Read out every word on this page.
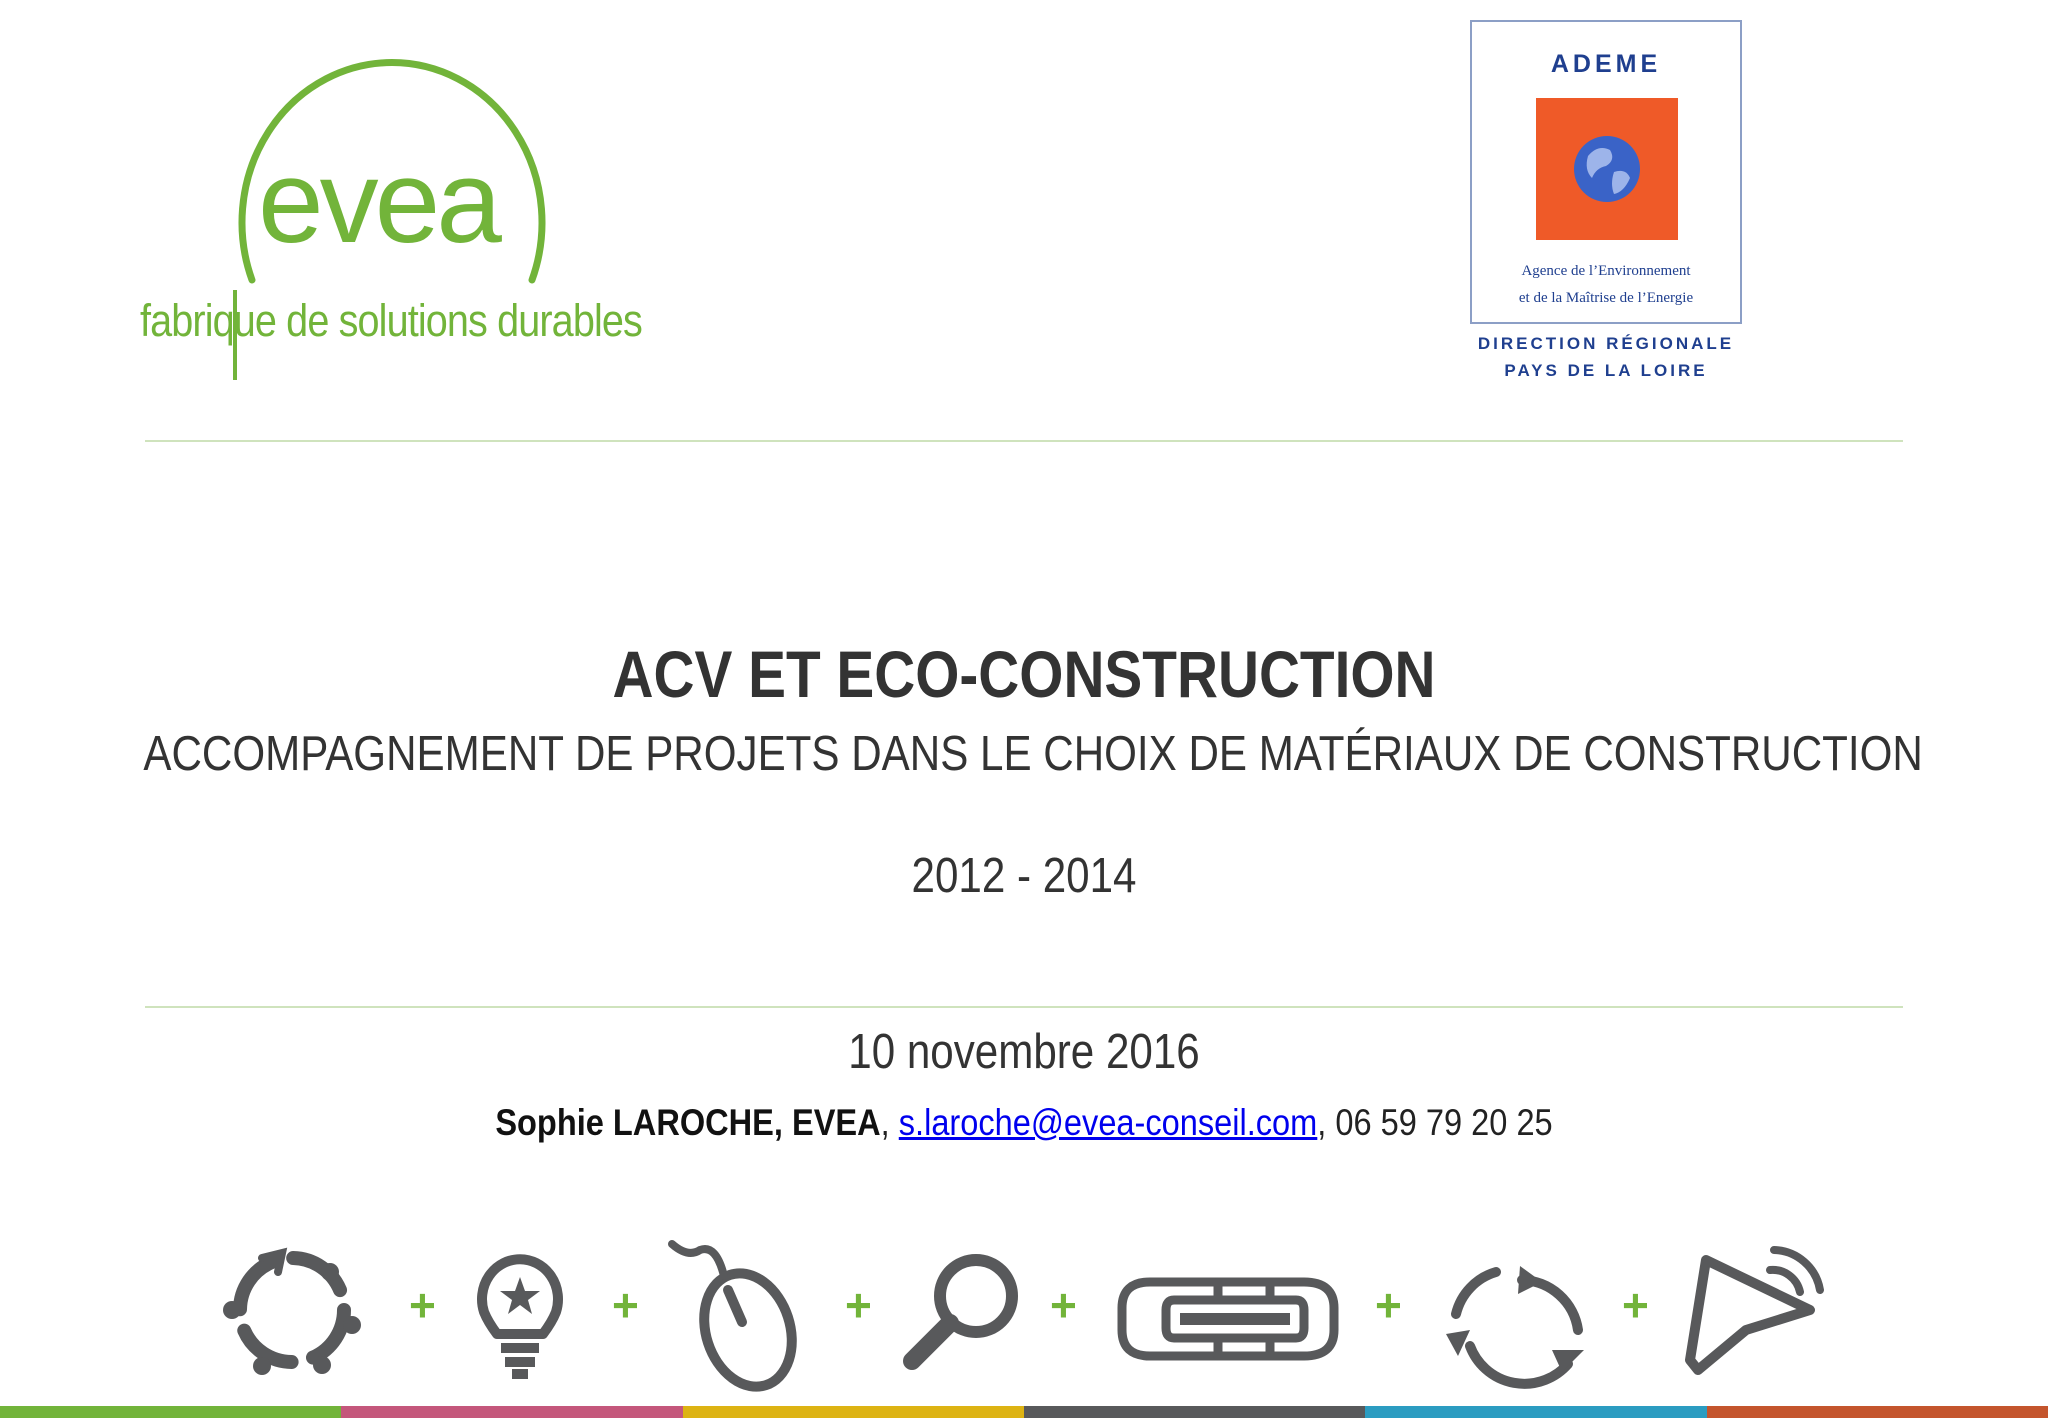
evea
fabrique de solutions durables
ADEME
Agence de l’Environnement
et de la Maîtrise de l’Energie
DIRECTION RÉGIONALE
PAYS DE LA LOIRE
ACV ET ECO-CONSTRUCTION
ACCOMPAGNEMENT DE PROJETS DANS LE CHOIX DE MATÉRIAUX DE CONSTRUCTION
2012 - 2014
10 novembre 2016
Sophie LAROCHE, EVEA, s.laroche@evea-conseil.com, 06 59 79 20 25
+	+	+	+	+	+
